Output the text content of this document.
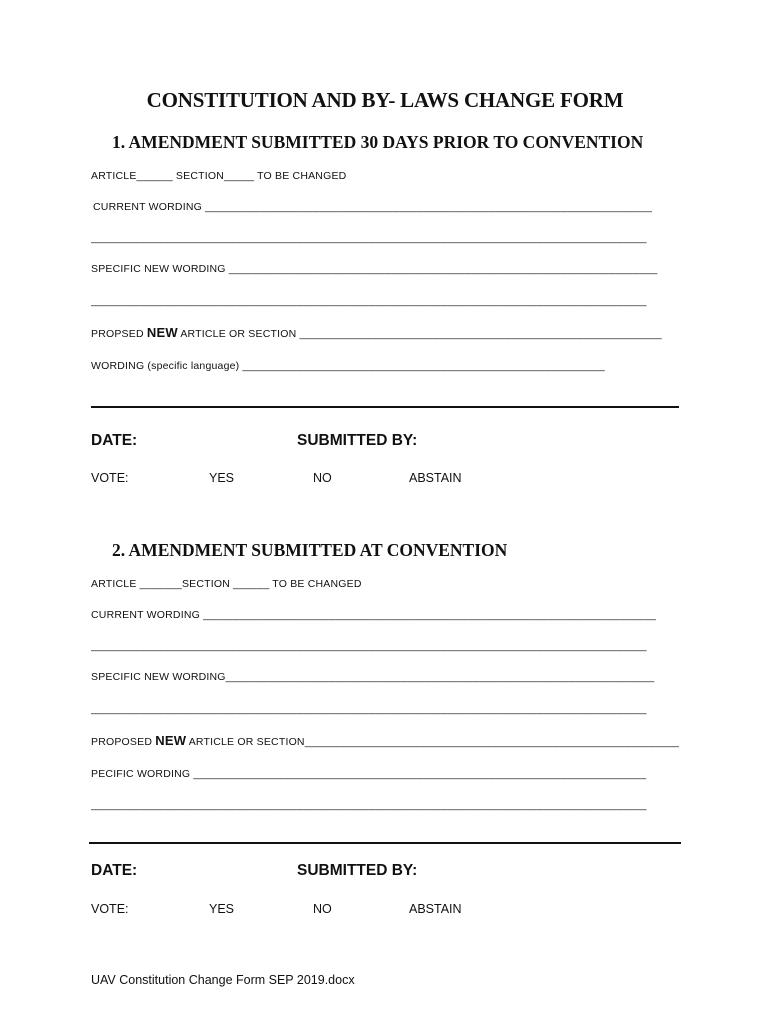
CONSTITUTION AND BY- LAWS CHANGE FORM
1. AMENDMENT SUBMITTED 30 DAYS PRIOR TO CONVENTION
ARTICLE______ SECTION_____ TO BE CHANGED
CURRENT WORDING __________________________________________________________________________
____________________________________________________________________________________________
SPECIFIC NEW WORDING _______________________________________________________________________
____________________________________________________________________________________________
PROPSED NEW ARTICLE OR SECTION ____________________________________________________________
WORDING (specific language) ____________________________________________________________
DATE:	SUBMITTED BY:
VOTE:	YES	NO	ABSTAIN
2. AMENDMENT SUBMITTED AT CONVENTION
ARTICLE _______SECTION ______ TO BE CHANGED
CURRENT WORDING ___________________________________________________________________________
____________________________________________________________________________________________
SPECIFIC NEW WORDING_______________________________________________________________________
____________________________________________________________________________________________
PROPOSED NEW ARTICLE OR SECTION______________________________________________________________
PECIFIC WORDING ___________________________________________________________________________
____________________________________________________________________________________________
DATE:	SUBMITTED BY:
VOTE:	YES	NO	ABSTAIN
UAV Constitution Change Form SEP 2019.docx
